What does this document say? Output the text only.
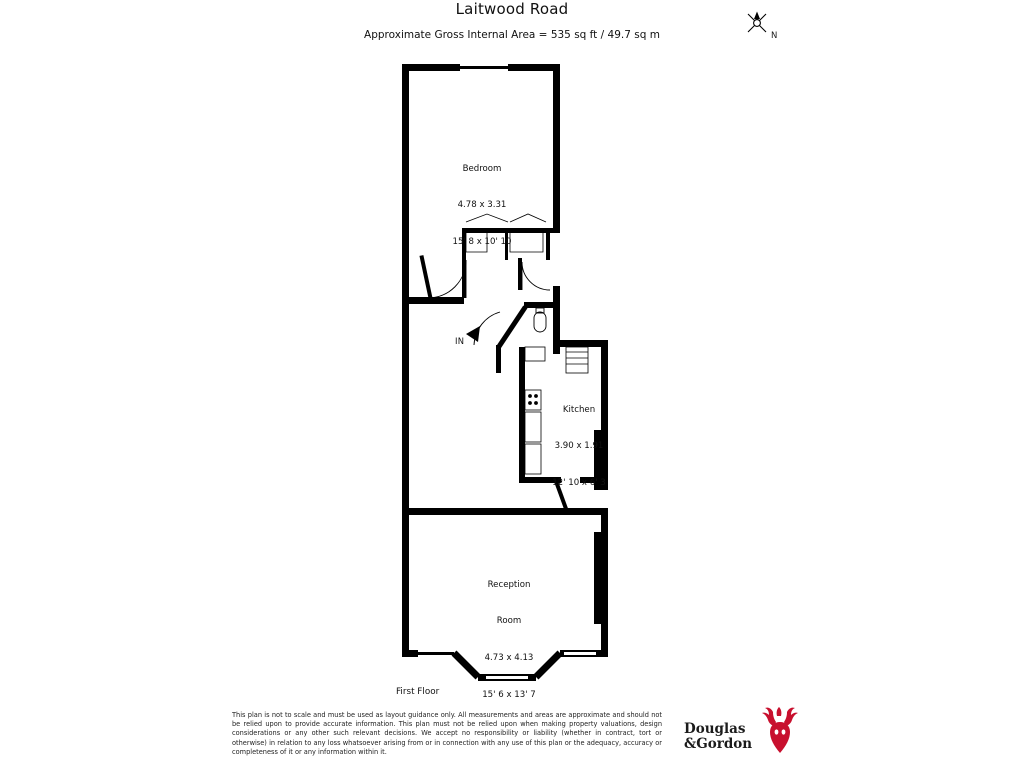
Laitwood Road
Approximate Gross Internal Area = 535 sq ft / 49.7 sq m	N

Bedroom

4.78 x 3.31

15' 8 x 10' 10

Kitchen

3.90 x 1.91

12' 10 x 6' 3

Reception

Room

4.73 x 4.13

15' 6 x 13' 7

IN
First Floor
This plan is not to scale and must be used as layout guidance only. All measurements and areas are approximate and should not be relied upon to provide accurate information. This plan must not be relied upon when making property valuations, design considerations or any other such relevant decisions. We accept no responsibility or liability (whether in contract, tort or otherwise) in relation to any loss whatsoever arising from or in connection with any use of this plan or the adequacy, accuracy or completeness of it or any information within it.
Douglas
&Gordon
